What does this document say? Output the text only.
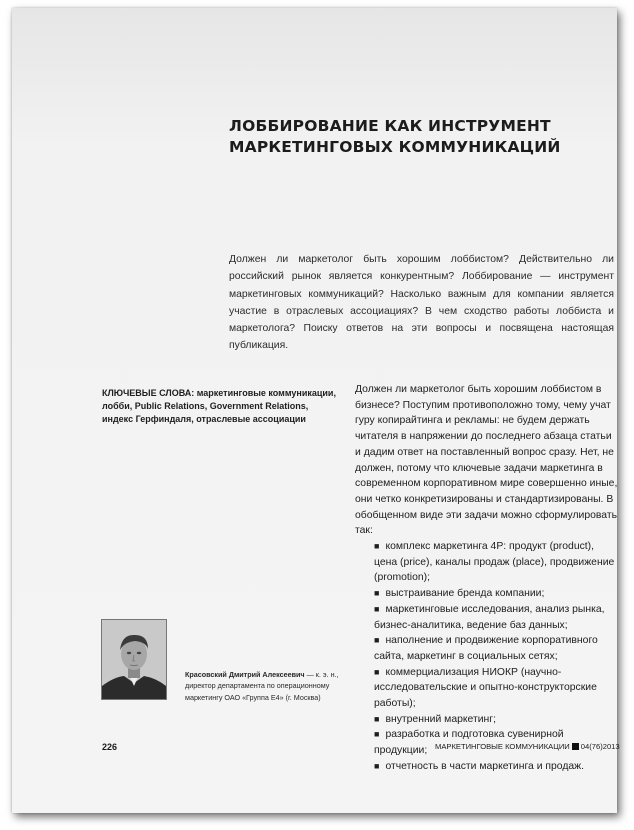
ЛОББИРОВАНИЕ КАК ИНСТРУМЕНТ
МАРКЕТИНГОВЫХ КОММУНИКАЦИЙ

Должен ли маркетолог быть хорошим лоббистом? Действительно ли российский рынок является конкурентным? Лоббирование — инструмент маркетинговых коммуникаций? Насколько важным для компании является участие в отраслевых ассоциациях? В чем сходство работы лоббиста и маркетолога? Поиску ответов на эти вопросы и посвящена настоящая публикация.

КЛЮЧЕВЫЕ СЛОВА: маркетинговые коммуникации, лобби, Public Relations, Government Relations, индекс Герфиндаля, отраслевые ассоциации

Должен ли маркетолог быть хорошим лоббистом в бизнесе? Поступим противоположно тому, чему учат гуру копирайтинга и рекламы: не будем держать читателя в напряжении до последнего абзаца статьи и дадим ответ на поставленный вопрос сразу. Нет, не должен, потому что ключевые задачи маркетинга в современном корпоративном мире совершенно иные, они четко конкретизированы и стандартизированы. В обобщенном виде эти задачи можно сформулировать так:
■ комплекс маркетинга 4P: продукт (product), цена (price), каналы продаж (place), продвижение (promotion);
■ выстраивание бренда компании;
■ маркетинговые исследования, анализ рынка, бизнес-аналитика, ведение баз данных;
■ наполнение и продвижение корпоративного сайта, маркетинг в социальных сетях;
■ коммерциализация НИОКР (научно-исследовательские и опытно-конструкторские работы);
■ внутренний маркетинг;
■ разработка и подготовка сувенирной продукции;
■ отчетность в части маркетинга и продаж.

Красовский Дмитрий Алексеевич — к. э. н., директор департамента по операционному маркетингу ОАО «Группа Е4» (г. Москва)

226	МАРКЕТИНГОВЫЕ КОММУНИКАЦИИ 04(76)2013
